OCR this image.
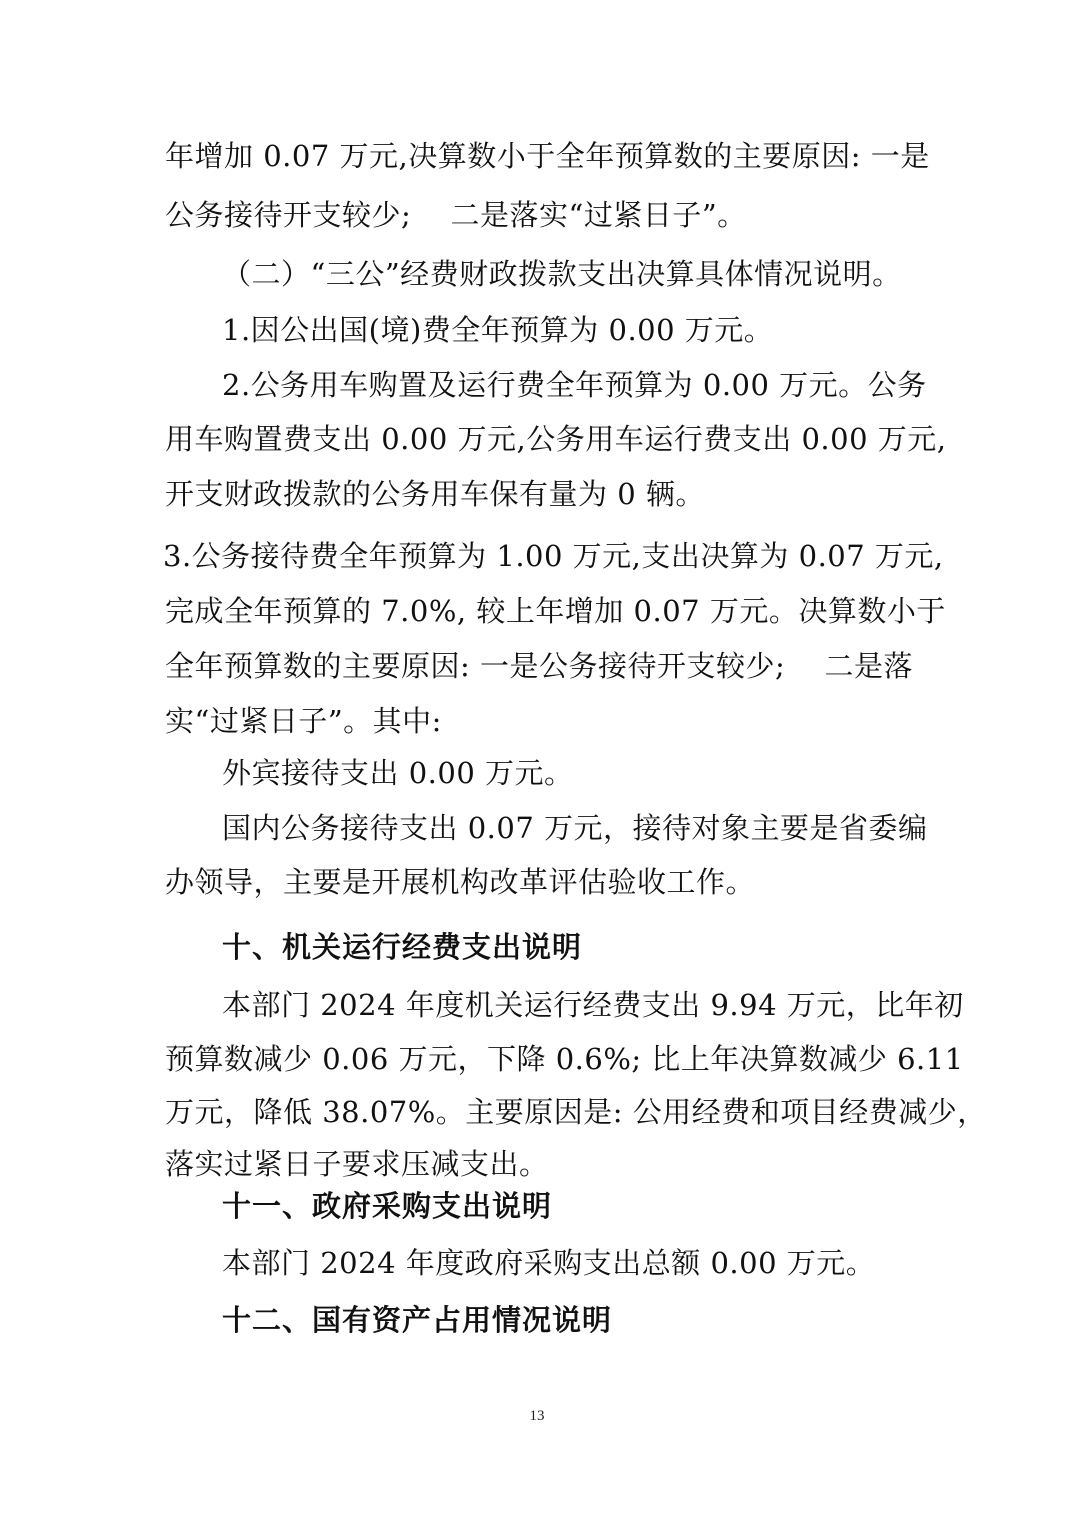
年增加 0.07 万元,决算数小于全年预算数的主要原因: 一是
公务接待开支较少;　 二是落实“过紧日子”。
（二）“三公”经费财政拨款支出决算具体情况说明。
1.因公出国(境)费全年预算为 0.00 万元。
2.公务用车购置及运行费全年预算为 0.00 万元。公务
用车购置费支出 0.00 万元,公务用车运行费支出 0.00 万元,
开支财政拨款的公务用车保有量为 0 辆。
3.公务接待费全年预算为 1.00 万元,支出决算为 0.07 万元,
完成全年预算的 7.0%, 较上年增加 0.07 万元。决算数小于
全年预算数的主要原因: 一是公务接待开支较少;　 二是落
实“过紧日子”。其中:
外宾接待支出 0.00 万元。
国内公务接待支出 0.07 万元，接待对象主要是省委编
办领导，主要是开展机构改革评估验收工作。
十、机关运行经费支出说明
本部门 2024 年度机关运行经费支出 9.94 万元，比年初
预算数减少 0.06 万元，下降 0.6%; 比上年决算数减少 6.11
万元，降低 38.07%。主要原因是: 公用经费和项目经费减少，
落实过紧日子要求压减支出。
十一、政府采购支出说明
本部门 2024 年度政府采购支出总额 0.00 万元。
十二、国有资产占用情况说明
13
